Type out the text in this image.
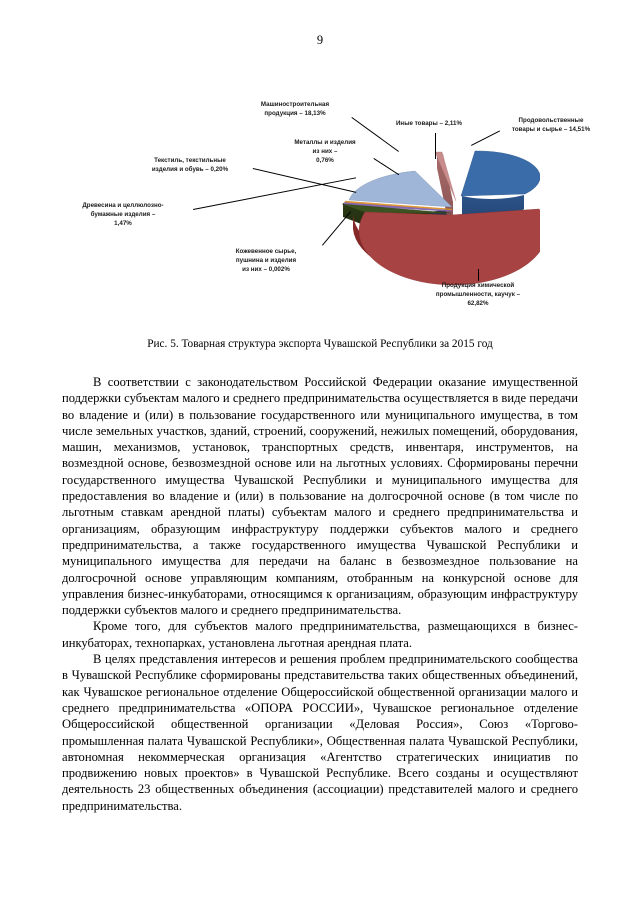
9
Машиностроительная
продукция – 18,13%
Металлы и изделия
из них –
0,76%
Текстиль, текстильные
изделия и обувь – 0,20%
Древесина и целлюлозно-
бумажные изделия –
1,47%
Кожевенное сырье,
пушнина и изделия
из них – 0,002%
Иные товары – 2,11%	Продовольственные
товары и сырье – 14,51%
Продукция химической
промышленности, каучук –
62,82%
Рис. 5. Товарная структура экспорта Чувашской Республики за 2015 год

В соответствии с законодательством Российской Федерации оказание имущественной поддержки субъектам малого и среднего предпринимательства осуществляется в виде передачи во владение и (или) в пользование государственного или муниципального имущества, в том числе земельных участков, зданий, строений, сооружений, нежилых помещений, оборудования, машин, механизмов, установок, транспортных средств, инвентаря, инструментов, на возмездной основе, безвозмездной основе или на льготных условиях. Сформированы перечни государственного имущества Чувашской Республики и муниципального имущества для предоставления во владение и (или) в пользование на долгосрочной основе (в том числе по льготным ставкам арендной платы) субъектам малого и среднего предпринимательства и организациям, образующим инфраструктуру поддержки субъектов малого и среднего предпринимательства, а также государственного имущества Чувашской Республики и муниципального имущества для передачи на баланс в безвозмездное пользование на долгосрочной основе управляющим компаниям, отобранным на конкурсной основе для управления бизнес-инкубаторами, относящимся к организациям, образующим инфраструктуру поддержки субъектов малого и среднего предпринимательства.

Кроме того, для субъектов малого предпринимательства, размещающихся в бизнес-инкубаторах, технопарках, установлена льготная арендная плата.

В целях представления интересов и решения проблем предпринимательского сообщества в Чувашской Республике сформированы представительства таких общественных объединений, как Чувашское региональное отделение Общероссийской общественной организации малого и среднего предпринимательства «ОПОРА РОССИИ», Чувашское региональное отделение Общероссийской общественной организации «Деловая Россия», Союз «Торгово-промышленная палата Чувашской Республики», Общественная палата Чувашской Республики, автономная некоммерческая организация «Агентство стратегических инициатив по продвижению новых проектов» в Чувашской Республике. Всего созданы и осуществляют деятельность 23 общественных объединения (ассоциации) представителей малого и среднего предпринимательства.
